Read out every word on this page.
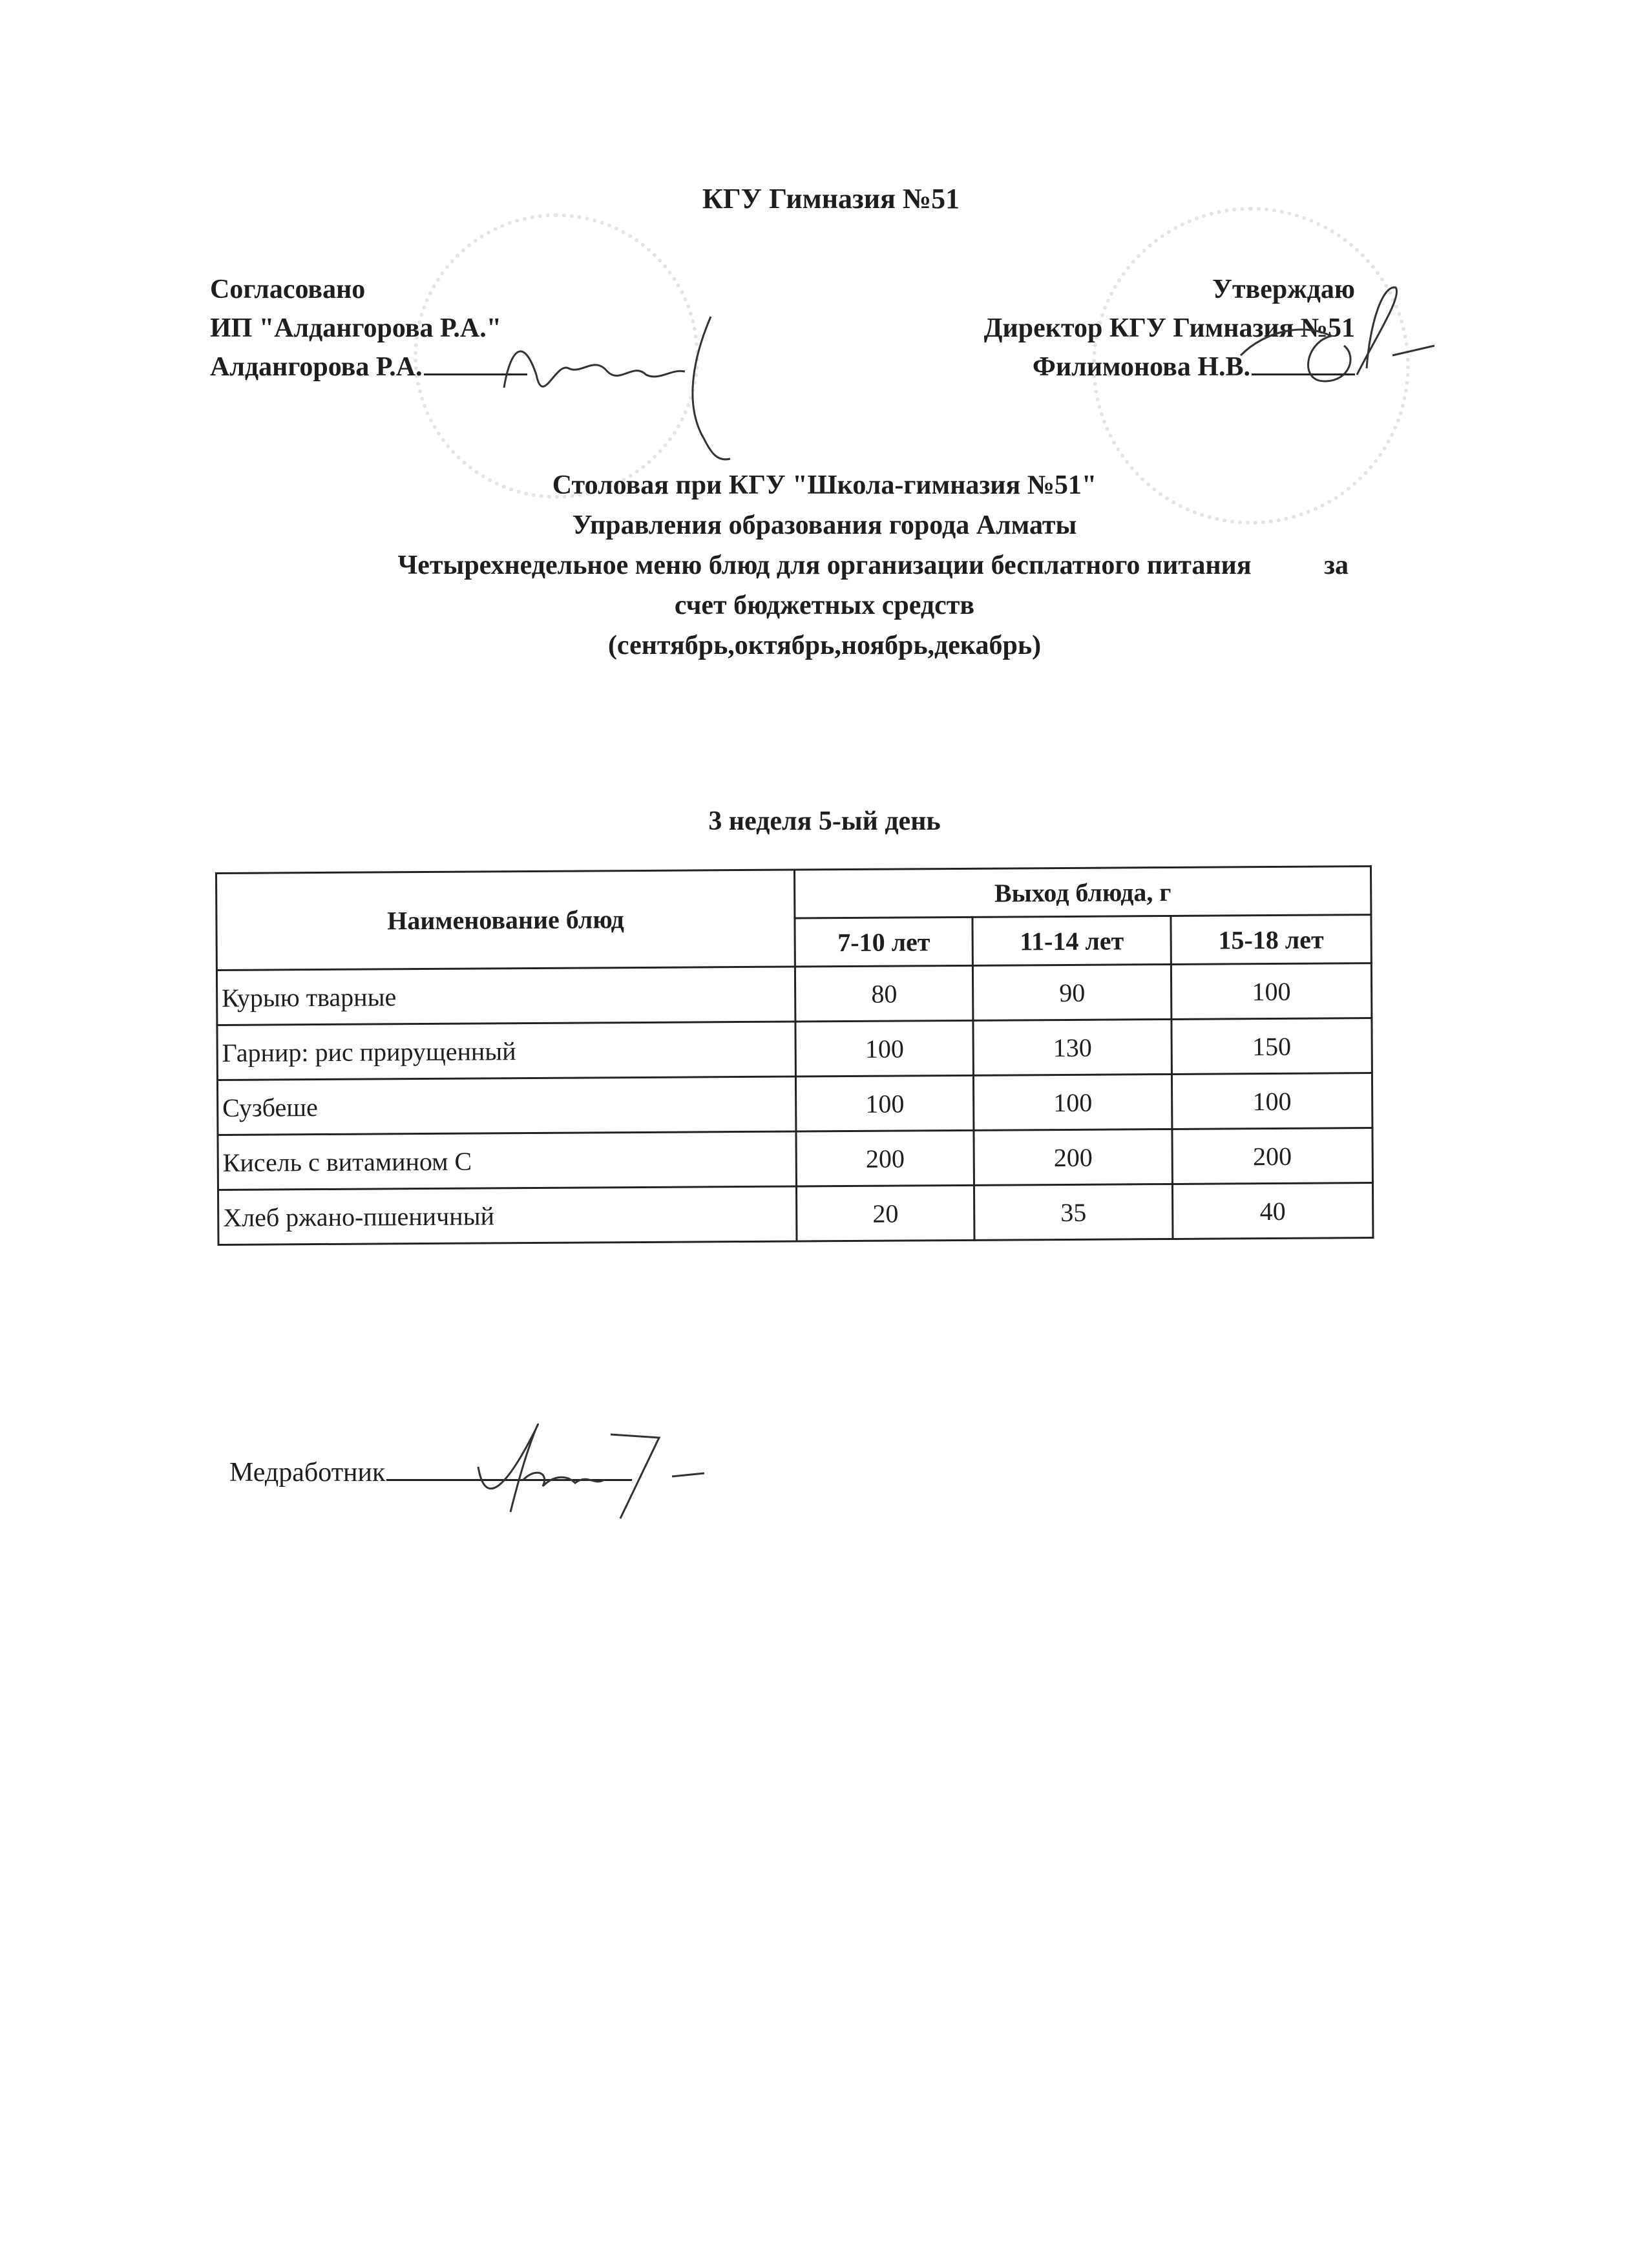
КГУ Гимназия №51
Согласовано
ИП "Алдангорова Р.А."
Алдангорова Р.А.
Утверждаю
Директор КГУ Гимназия №51
Филимонова Н.В.
Столовая при КГУ "Школа-гимназия №51"
Управления образования города Алматы
Четырехнедельное меню блюд для организации бесплатного питания	за
счет бюджетных средств
(сентябрь,октябрь,ноябрь,декабрь)
3 неделя 5-ый день
Наименование блюд	Выход блюда, г		
	7-10 лет	11-14 лет	15-18 лет
Курыю тварные	80	90	100
Гарнир: рис прирущенный	100	130	150
Сузбеше	100	100	100
Кисель с витамином С	200	200	200
Хлеб ржано-пшеничный	20	35	40
Медработник
